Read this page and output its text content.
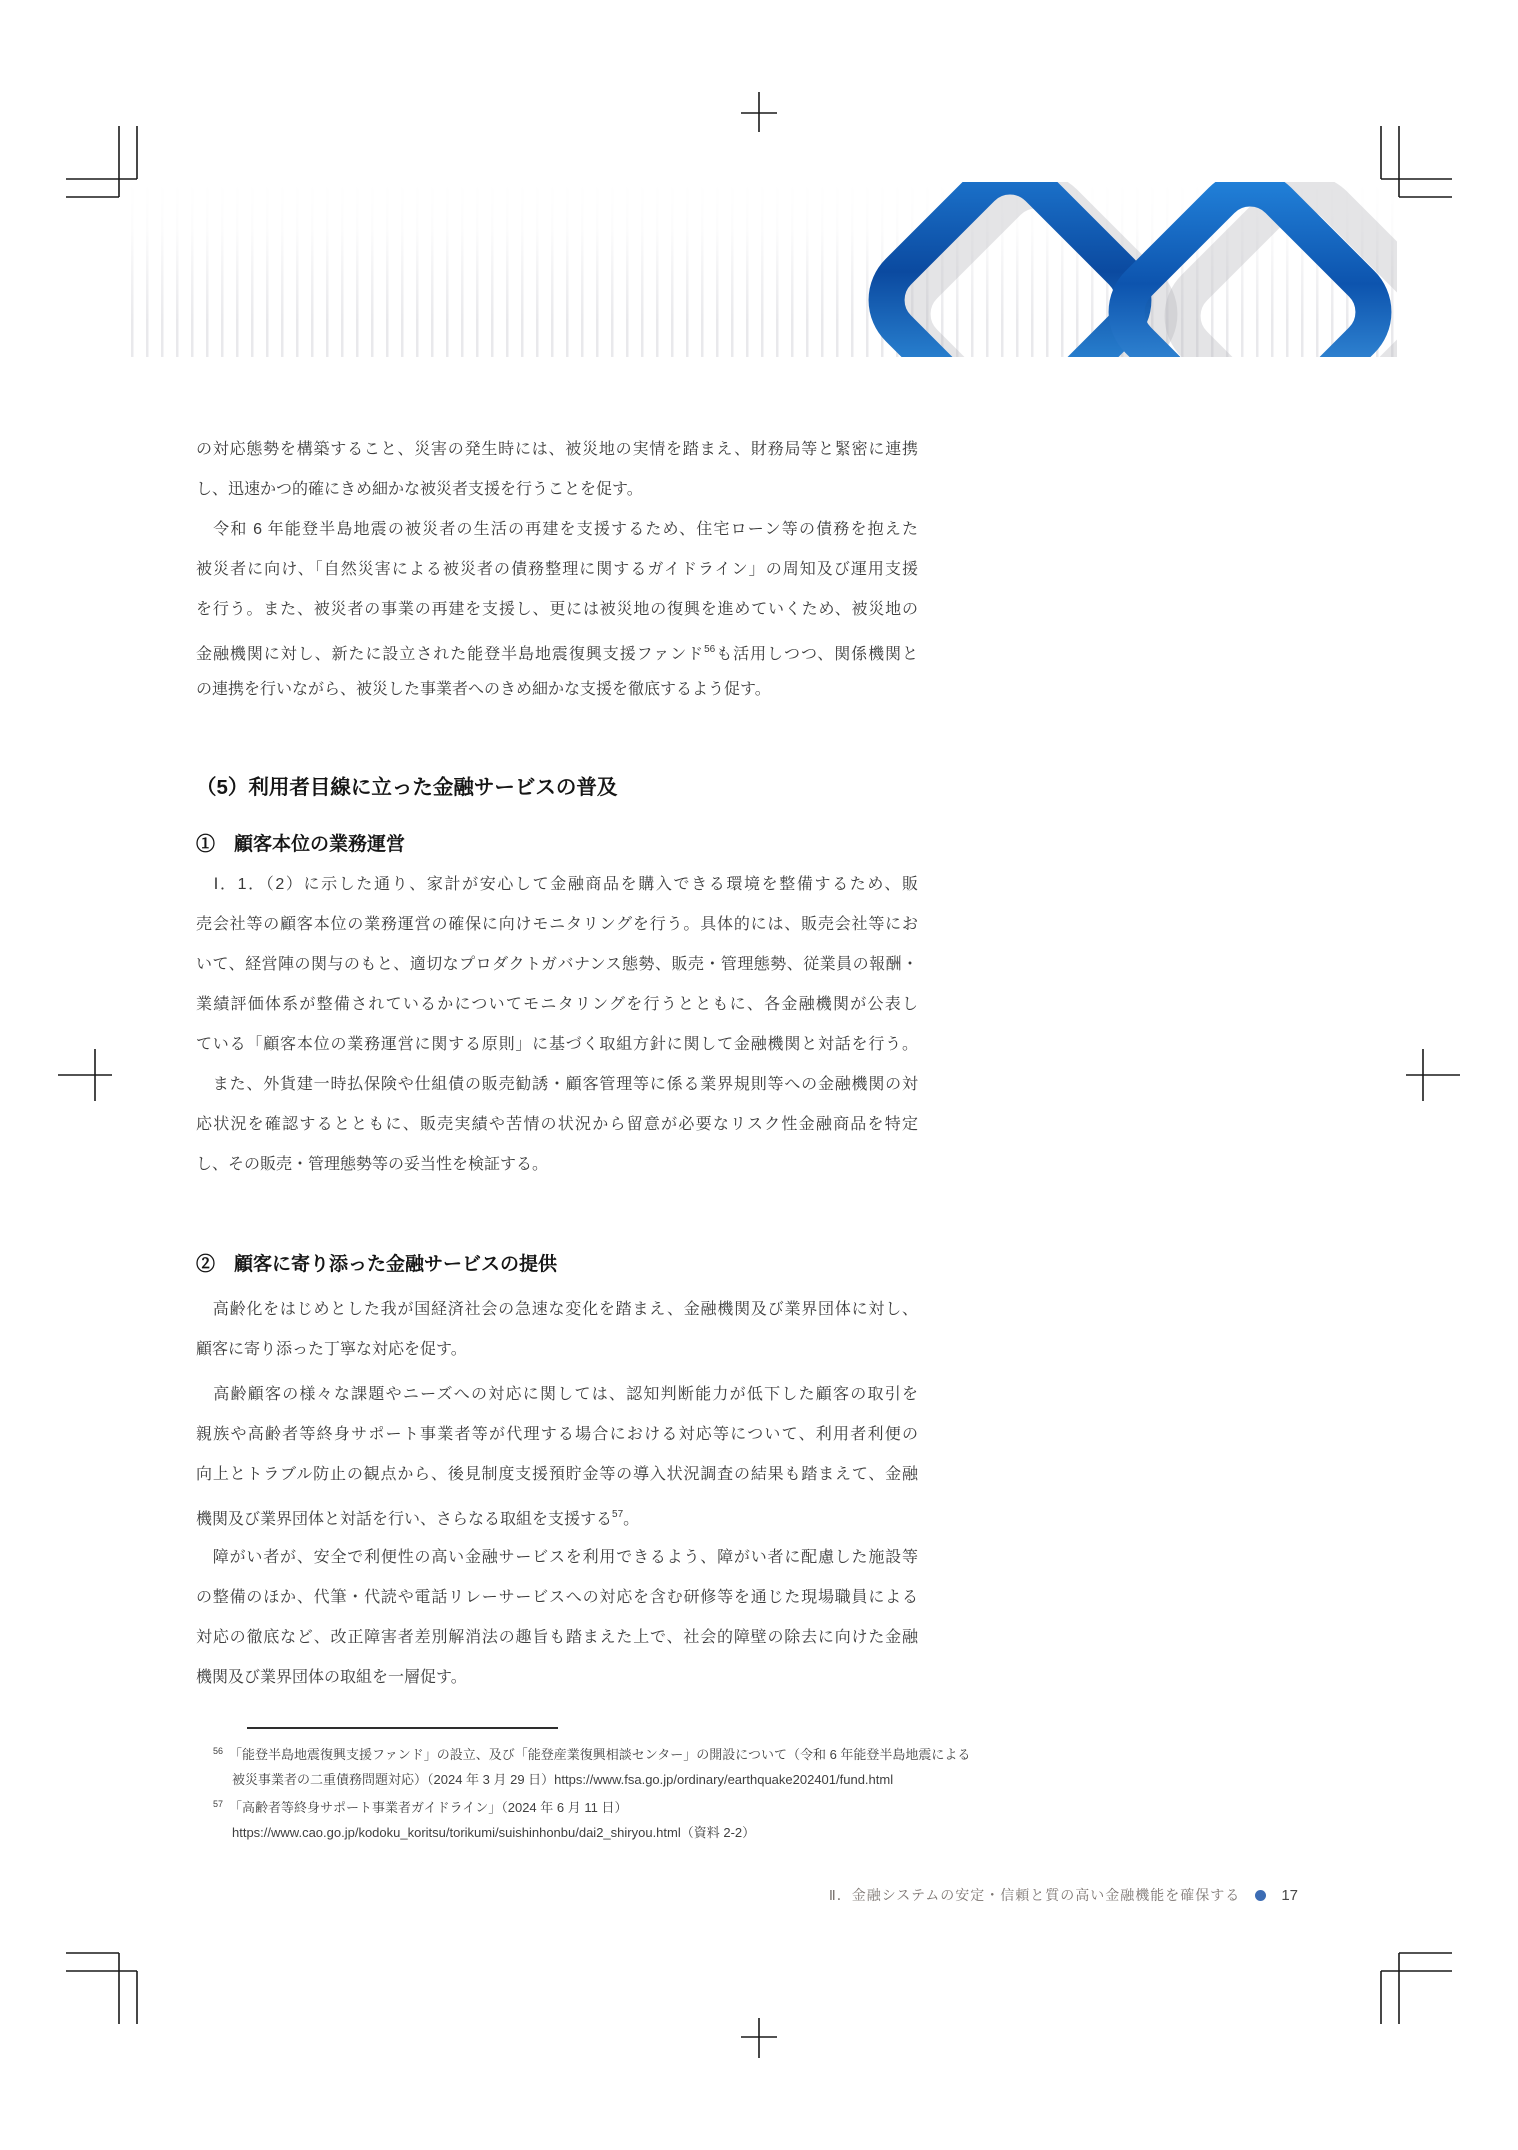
の対応態勢を構築すること、災害の発生時には、被災地の実情を踏まえ、財務局等と緊密に連携
し、迅速かつ的確にきめ細かな被災者支援を行うことを促す。
　令和 6 年能登半島地震の被災者の生活の再建を支援するため、住宅ローン等の債務を抱えた
被災者に向け、「自然災害による被災者の債務整理に関するガイドライン」の周知及び運用支援
を行う。また、被災者の事業の再建を支援し、更には被災地の復興を進めていくため、被災地の
金融機関に対し、新たに設立された能登半島地震復興支援ファンド$^{56}$も活用しつつ、関係機関と
の連携を行いながら、被災した事業者へのきめ細かな支援を徹底するよう促す。
（5）利用者目線に立った金融サービスの普及
①　顧客本位の業務運営
　Ⅰ．1．（2）に示した通り、家計が安心して金融商品を購入できる環境を整備するため、販
売会社等の顧客本位の業務運営の確保に向けモニタリングを行う。具体的には、販売会社等にお
いて、経営陣の関与のもと、適切なプロダクトガバナンス態勢、販売・管理態勢、従業員の報酬・
業績評価体系が整備されているかについてモニタリングを行うとともに、各金融機関が公表し
ている「顧客本位の業務運営に関する原則」に基づく取組方針に関して金融機関と対話を行う。
　また、外貨建一時払保険や仕組債の販売勧誘・顧客管理等に係る業界規則等への金融機関の対
応状況を確認するとともに、販売実績や苦情の状況から留意が必要なリスク性金融商品を特定
し、その販売・管理態勢等の妥当性を検証する。
②　顧客に寄り添った金融サービスの提供
　高齢化をはじめとした我が国経済社会の急速な変化を踏まえ、金融機関及び業界団体に対し、
顧客に寄り添った丁寧な対応を促す。
　高齢顧客の様々な課題やニーズへの対応に関しては、認知判断能力が低下した顧客の取引を
親族や高齢者等終身サポート事業者等が代理する場合における対応等について、利用者利便の
向上とトラブル防止の観点から、後見制度支援預貯金等の導入状況調査の結果も踏まえて、金融
機関及び業界団体と対話を行い、さらなる取組を支援する$^{57}$。
　障がい者が、安全で利便性の高い金融サービスを利用できるよう、障がい者に配慮した施設等
の整備のほか、代筆・代読や電話リレーサービスへの対応を含む研修等を通じた現場職員による
対応の徹底など、改正障害者差別解消法の趣旨も踏まえた上で、社会的障壁の除去に向けた金融
機関及び業界団体の取組を一層促す。
$^{56}$ 「能登半島地震復興支援ファンド」の設立、及び「能登産業復興相談センター」の開設について（令和 6 年能登半島地震による
被災事業者の二重債務問題対応）（2024 年 3 月 29 日）https://www.fsa.go.jp/ordinary/earthquake202401/fund.html
$^{57}$ 「高齢者等終身サポート事業者ガイドライン」（2024 年 6 月 11 日）
https://www.cao.go.jp/kodoku_koritsu/torikumi/suishinhonbu/dai2_shiryou.html（資料 2-2）
Ⅱ．金融システムの安定・信頼と質の高い金融機能を確保する	17
